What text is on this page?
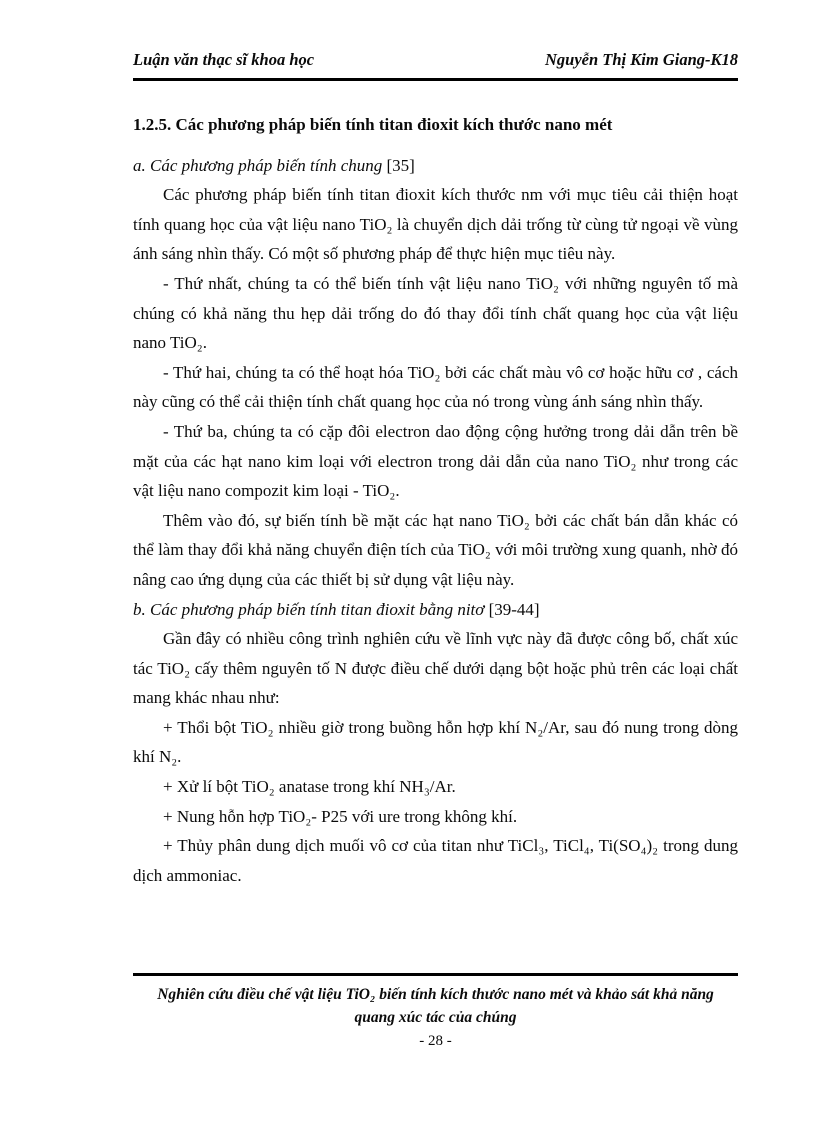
Luận văn thạc sĩ khoa học	Nguyễn Thị Kim Giang-K18

1.2.5. Các phương pháp biến tính titan đioxit kích thước nano mét

a. Các phương pháp biến tính chung [35]

Các phương pháp biến tính titan đioxit kích thước nm với mục tiêu cải thiện hoạt tính quang học của vật liệu nano TiO₂ là chuyển dịch dải trống từ cùng tử ngoại về vùng ánh sáng nhìn thấy. Có một số phương pháp để thực hiện mục tiêu này.

- Thứ nhất, chúng ta có thể biến tính vật liệu nano TiO₂ với những nguyên tố mà chúng có khả năng thu hẹp dải trống do đó thay đổi tính chất quang học của vật liệu nano TiO₂.

- Thứ hai, chúng ta có thể hoạt hóa TiO₂ bởi các chất màu vô cơ hoặc hữu cơ , cách này cũng có thể cải thiện tính chất quang học của nó trong vùng ánh sáng nhìn thấy.

- Thứ ba, chúng ta có cặp đôi electron dao động cộng hưởng trong dải dẫn trên bề mặt của các hạt nano kim loại với electron trong dải dẫn của nano TiO₂ như trong các vật liệu nano compozit kim loại - TiO₂.

Thêm vào đó, sự biến tính bề mặt các hạt nano TiO₂ bởi các chất bán dẫn khác có thể làm thay đổi khả năng chuyển điện tích của TiO₂ với môi trường xung quanh, nhờ đó nâng cao ứng dụng của các thiết bị sử dụng vật liệu này.

b. Các phương pháp biến tính titan đioxit bằng nitơ [39-44]

Gần đây có nhiều công trình nghiên cứu về lĩnh vực này đã được công bố, chất xúc tác TiO₂ cấy thêm nguyên tố N được điều chế dưới dạng bột hoặc phủ trên các loại chất mang khác nhau như:

+ Thổi bột TiO₂ nhiều giờ trong buồng hỗn hợp khí N₂/Ar, sau đó nung trong dòng khí N₂.

+ Xử lí bột TiO₂ anatase trong khí NH₃/Ar.

+ Nung hỗn hợp TiO₂- P25 với ure trong không khí.

+ Thủy phân dung dịch muối vô cơ của titan như TiCl₃, TiCl₄, Ti(SO₄)₂ trong dung dịch ammoniac.

Nghiên cứu điều chế vật liệu TiO₂ biến tính kích thước nano mét và khảo sát khả năng
quang xúc tác của chúng
- 28 -
